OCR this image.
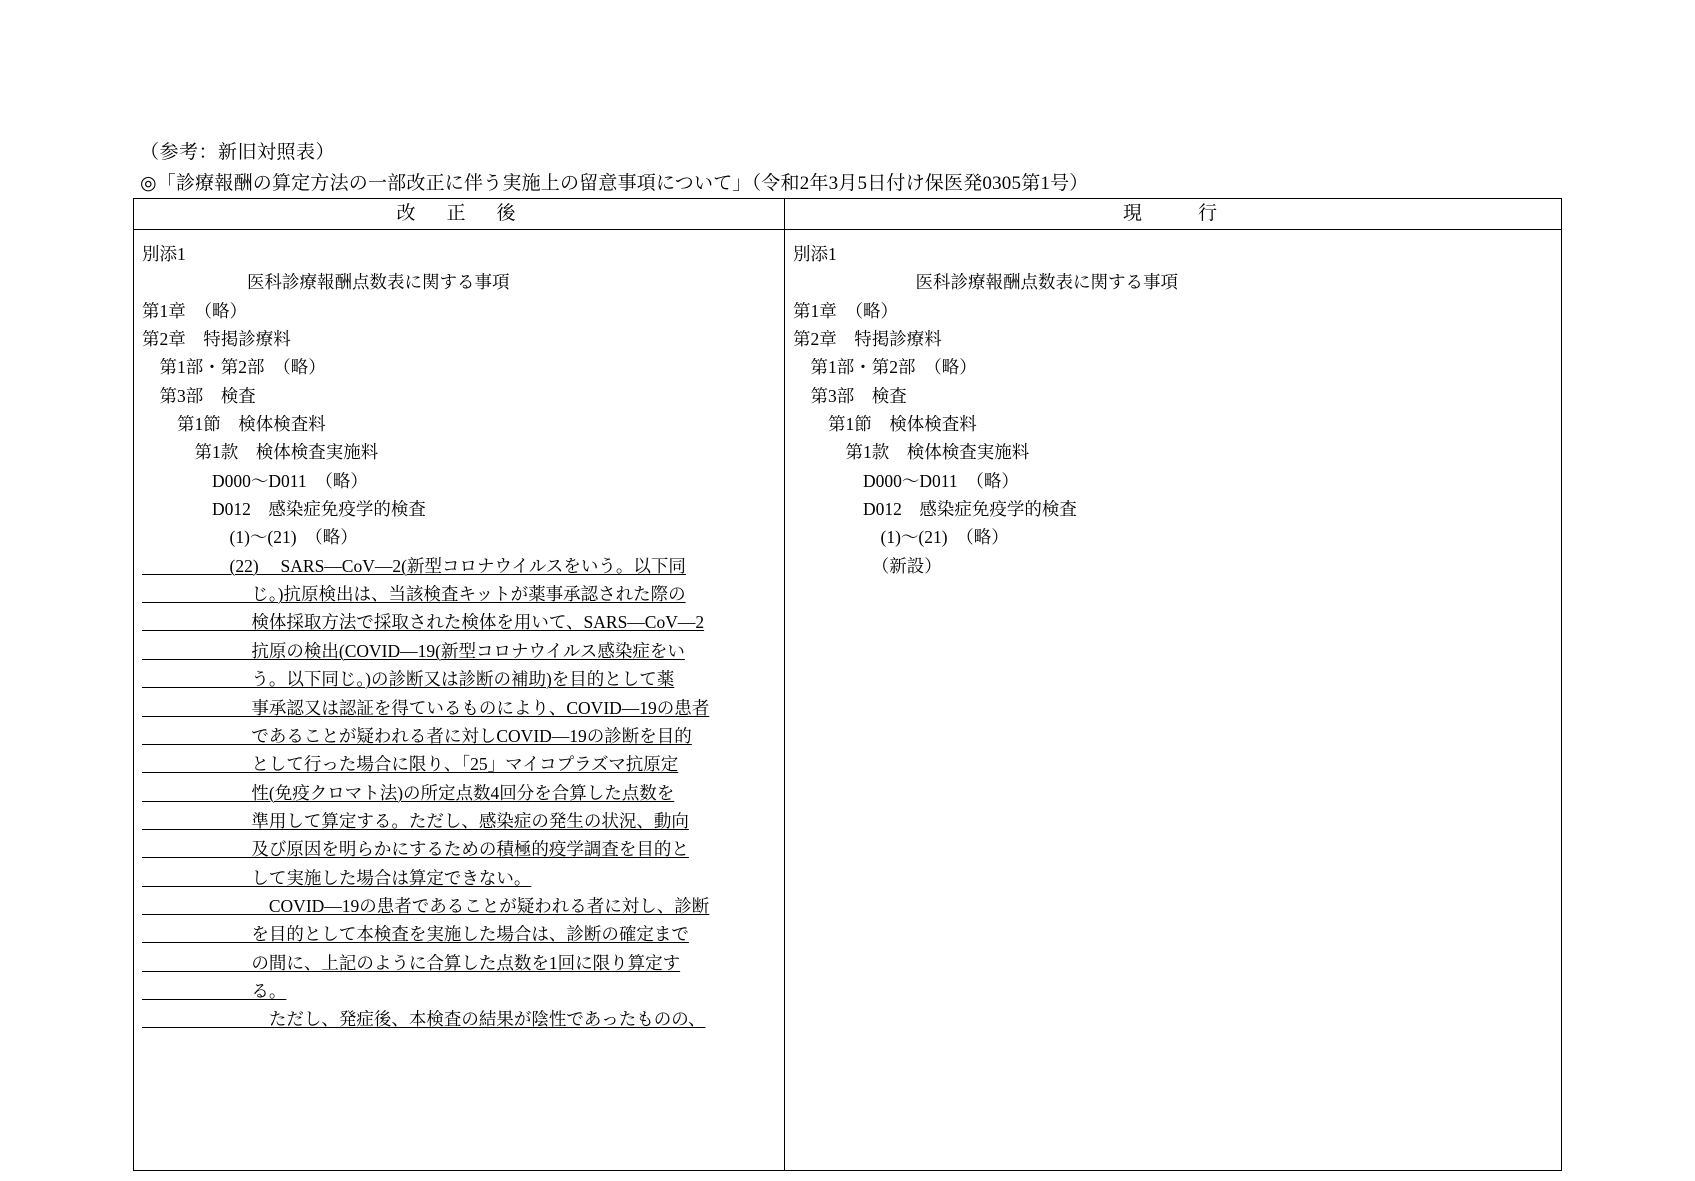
（参考：新旧対照表）
◎「診療報酬の算定方法の一部改正に伴う実施上の留意事項について」（令和2年3月5日付け保医発0305第1号）
改　正　後	現　　行
別添1
　　　　　　医科診療報酬点数表に関する事項
第1章　（略）
第2章　特掲診療料
　第1部・第2部　（略）
　第3部　検査
　　第1節　検体検査料
　　　第1款　検体検査実施料
　　　　D000〜D011　（略）
　　　　D012　感染症免疫学的検査
　　　　　(1)〜(21)　（略）
　　　　　(22)　 SARS—CoV—2(新型コロナウイルスをいう。以下同
　　　　　　 じ。)抗原検出は、当該検査キットが薬事承認された際の
　　　　　　 検体採取方法で採取された検体を用いて、SARS—CoV—2
　　　　　　 抗原の検出(COVID—19(新型コロナウイルス感染症をい
　　　　　　 う。以下同じ。)の診断又は診断の補助)を目的として薬
　　　　　　 事承認又は認証を得ているものにより、COVID—19の患者
　　　　　　 であることが疑われる者に対しCOVID—19の診断を目的
　　　　　　 として行った場合に限り、「25」マイコプラズマ抗原定
　　　　　　 性(免疫クロマト法)の所定点数4回分を合算した点数を
　　　　　　 準用して算定する。ただし、感染症の発生の状況、動向
　　　　　　 及び原因を明らかにするための積極的疫学調査を目的と
　　　　　　 して実施した場合は算定できない。
　　　　　　　 COVID—19の患者であることが疑われる者に対し、診断
　　　　　　 を目的として本検査を実施した場合は、診断の確定まで
　　　　　　 の間に、上記のように合算した点数を1回に限り算定す
　　　　　　 る。
　　　　　　　 ただし、発症後、本検査の結果が陰性であったものの、
別添1
　　　　　　　医科診療報酬点数表に関する事項
第1章　（略）
第2章　特掲診療料
　第1部・第2部　（略）
　第3部　検査
　　第1節　検体検査料
　　　第1款　検体検査実施料
　　　　D000〜D011　（略）
　　　　D012　感染症免疫学的検査
　　　　　(1)〜(21)　（略）
　　　　　（新設）
